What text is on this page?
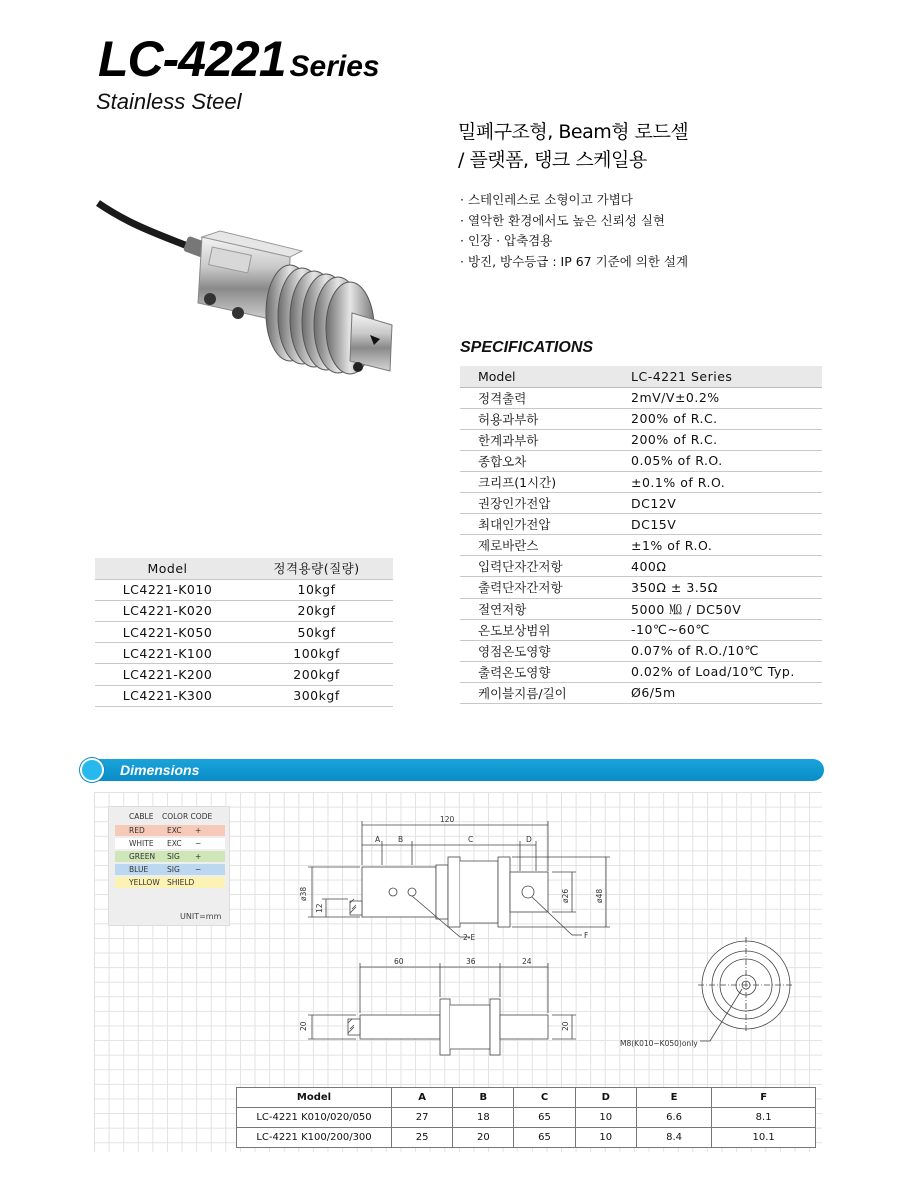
LC-4221 Series
Stainless Steel
밀폐구조형, Beam형 로드셀
/ 플랫폼, 탱크 스케일용
· 스테인레스로 소형이고 가볍다
· 열악한 환경에서도 높은 신뢰성 실현
· 인장 · 압축겸용
· 방진, 방수등급 : IP 67 기준에 의한 설계
SPECIFICATIONS
Model	LC-4221 Series
정격출력	2mV/V±0.2%
허용과부하	200% of R.C.
한계과부하	200% of R.C.
종합오차	0.05% of R.O.
크리프(1시간)	±0.1% of R.O.
권장인가전압	DC12V
최대인가전압	DC15V
제로바란스	±1% of R.O.
입력단자간저항	400Ω
출력단자간저항	350Ω ± 3.5Ω
절연저항	5000 ㏁ / DC50V
온도보상범위	-10℃~60℃
영점온도영향	0.07% of R.O./10℃
출력온도영향	0.02% of Load/10℃ Typ.
케이블지름/길이	Ø6/5m
Model	정격용량(질량)
LC4221-K010	10kgf
LC4221-K020	20kgf
LC4221-K050	50kgf
LC4221-K100	100kgf
LC4221-K200	200kgf
LC4221-K300	300kgf
Dimensions
CABLE COLOR CODE
RED	EXC +
WHITE EXC −
GREEN SIG +
BLUE	SIG −
YELLOW SHIELD
UNIT=mm
120
A B	C	D
ø38
12
ø26	ø48
2-E	F
60	36	24
20	20
M8(K010~K050)only
Model	A	B	C	D	E	F
LC-4221 K010/020/050	27	18	65	10	6.6	8.1
LC-4221 K100/200/300	25	20	65	10	8.4	10.1
